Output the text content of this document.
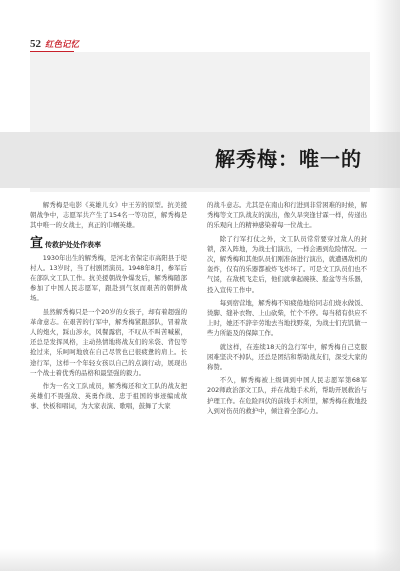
52 红色记忆
解秀梅：唯一的

解秀梅是电影《英雄儿女》中王芳的原型。抗美援朝战争中，志愿军共产生了154名一等功臣，解秀梅是其中唯一的女战士，真正的巾帼英雄。

宣 传救护处处作表率

1930年出生的解秀梅，是河北省保定市高阳县于堤村人。13岁时，当了村剧团演员。1948年8月，参军后在部队文工队工作。抗美援朝战争爆发后，解秀梅随部参加了中国人民志愿军，跟赴到气氛而艰苦的朝鲜战场。

虽然解秀梅只是一个20岁的女孩子，却有着超强的革命意志。在艰苦的行军中，解秀梅紧跟部队，冒着敌人的炮火，踩山涉水，风餐露宿，不叹从不叫苦喊累，还总是发挥风格，主动热情地将战友们的米袋、背包等抢过来，乐呵呵地放在自己尽管也已很疲惫的肩上。长途行军，这样一个年轻女孩以自己的点滴行动，展现出一个战士着优秀的品格和最坚强的毅力。

作为一名文工队成员，解秀梅还和文工队的战友把英雄们不畏强敌、英勇作战、忠于祖国的事迹编成故事、快板和唱词，为大家表演、歌唱，鼓舞了大家

的战斗意志。尤其是在南山和行进到非常困难的时候，解秀梅等文工队战友的演出，像久旱突逢甘霖一样，传递出的乐观向上的精神感染着每一位战士。

除了行军打仗之外，文工队员常常要穿过敌人的封锁，深入阵地，为战士们演出，一样会遇到危险情况。一次，解秀梅和其他队员们刚准备进行演出，就遭遇敌机的轰炸，仅有的乐器都被炸飞炸坏了。可是文工队员们也不气馁，在敌机飞走后，他们就拿起碗筷、脸盆等当乐器，投入宣传工作中。

每到宿营地，解秀梅不知疲倦地给同志们烧水做饭、烫脚、缝补衣物、上山砍柴，忙个不停。每当稍有供应不上时，她还不辞辛劳地去当地找野菜，为战士们充饥做一些力所能及的保障工作。

就这样，在连续18天的急行军中，解秀梅自己克服困难坚决不掉队，还总是团结和帮助战友们，深受大家的称赞。

不久，解秀梅被上级调到中国人民志愿军第68军202师政治部文工队，并在战地手术所，帮助开展救治与护理工作。在危险四伏的前线手术所里，解秀梅在救地投入到对伤员的救护中，倾注着全部心力。
